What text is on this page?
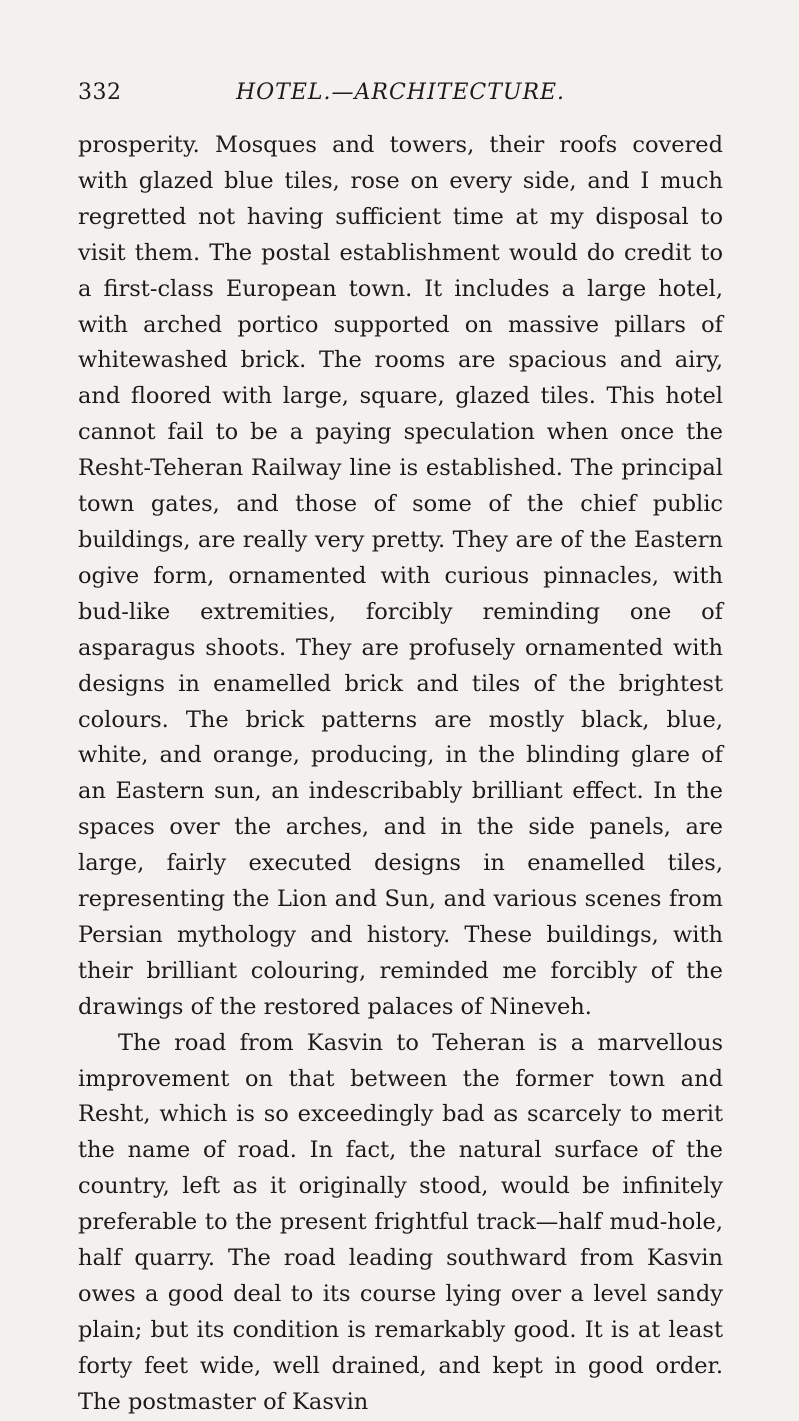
332	HOTEL.—ARCHITECTURE.

prosperity. Mosques and towers, their roofs covered with glazed blue tiles, rose on every side, and I much regretted not having sufficient time at my disposal to visit them. The postal establishment would do credit to a first-class European town. It includes a large hotel, with arched portico supported on massive pillars of whitewashed brick. The rooms are spacious and airy, and floored with large, square, glazed tiles. This hotel cannot fail to be a paying speculation when once the Resht-Teheran Railway line is established. The principal town gates, and those of some of the chief public buildings, are really very pretty. They are of the Eastern ogive form, ornamented with curious pinnacles, with bud-like extremities, forcibly reminding one of asparagus shoots. They are profusely ornamented with designs in enamelled brick and tiles of the brightest colours. The brick patterns are mostly black, blue, white, and orange, producing, in the blinding glare of an Eastern sun, an indescribably brilliant effect. In the spaces over the arches, and in the side panels, are large, fairly executed designs in enamelled tiles, representing the Lion and Sun, and various scenes from Persian mythology and history. These buildings, with their brilliant colouring, reminded me forcibly of the drawings of the restored palaces of Nineveh.

The road from Kasvin to Teheran is a marvellous improvement on that between the former town and Resht, which is so exceedingly bad as scarcely to merit the name of road. In fact, the natural surface of the country, left as it originally stood, would be infinitely preferable to the present frightful track—half mud-hole, half quarry. The road leading southward from Kasvin owes a good deal to its course lying over a level sandy plain; but its condition is remarkably good. It is at least forty feet wide, well drained, and kept in good order. The postmaster of Kasvin
